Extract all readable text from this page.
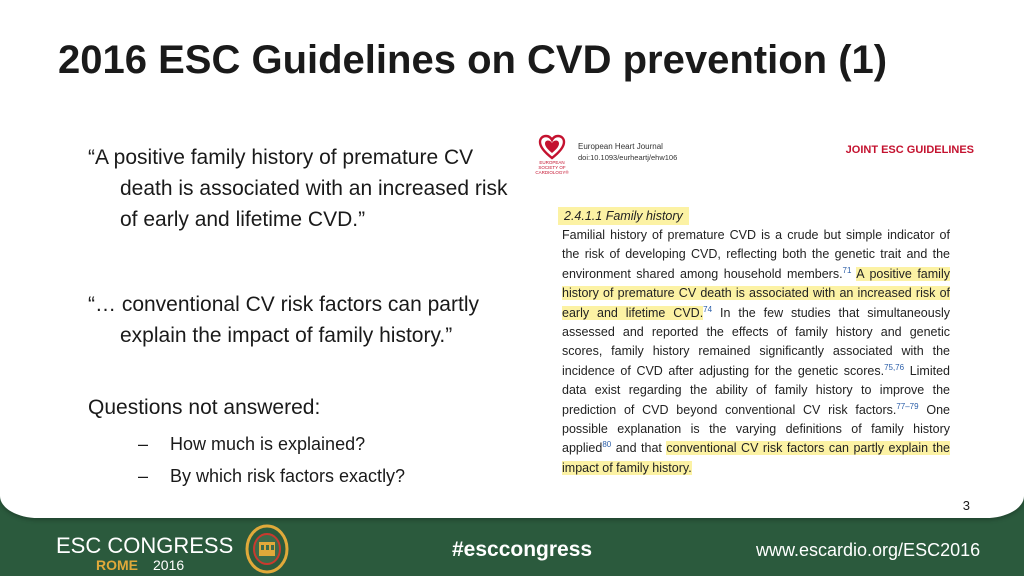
2016 ESC Guidelines on CVD prevention (1)

“A positive family history of premature CV death is associated with an increased risk of early and lifetime CVD.”

“… conventional CV risk factors can partly explain the impact of family history.”

Questions not answered:

– How much is explained?

– By which risk factors exactly?

EUROPEAN SOCIETY OF CARDIOLOGY®
European Heart Journal
doi:10.1093/eurheartj/ehw106
JOINT ESC GUIDELINES
2.4.1.1 Family history

Familial history of premature CVD is a crude but simple indicator of the risk of developing CVD, reflecting both the genetic trait and the environment shared among household members.$^{71}$ A positive family history of premature CV death is associated with an increased risk of early and lifetime CVD.$^{74}$ In the few studies that simultaneously assessed and reported the effects of family history and genetic scores, family history remained significantly associated with the incidence of CVD after adjusting for the genetic scores.$^{75,76}$ Limited data exist regarding the ability of family history to improve the prediction of CVD beyond conventional CV risk factors.$^{77-79}$ One possible explanation is the varying definitions of family history applied$^{80}$ and that conventional CV risk factors can partly explain the impact of family history.

3
ESC CONGRESS
ROME 2016
#esccongress	www.escardio.org/ESC2016
